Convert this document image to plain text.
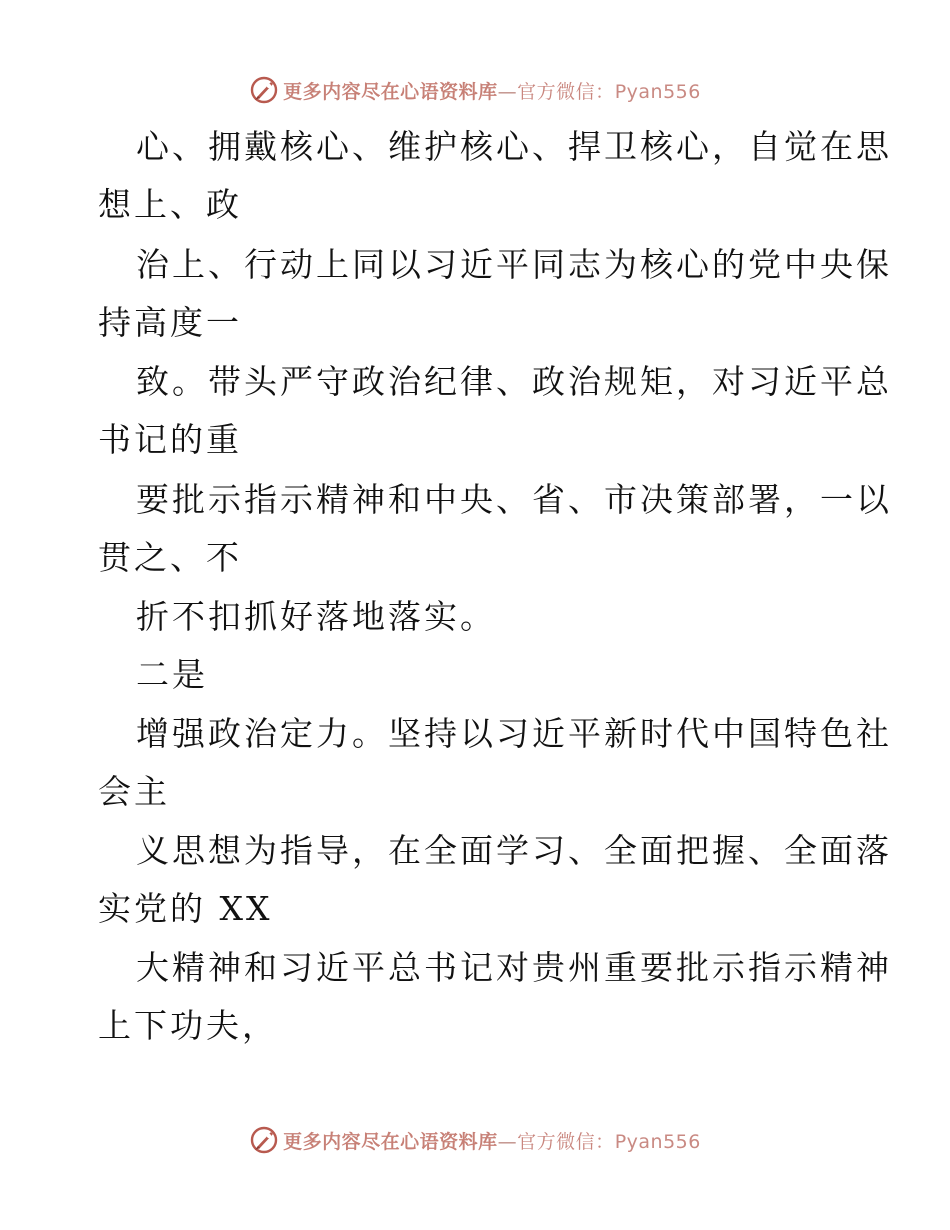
更多内容尽在心语资料库—官方微信：Pyan556
心、拥戴核心、维护核心、捍卫核心，自觉在思
想上、政
治上、行动上同以习近平同志为核心的党中央保
持高度一
致。带头严守政治纪律、政治规矩，对习近平总
书记的重
要批示指示精神和中央、省、市决策部署，一以
贯之、不
折不扣抓好落地落实。
二是
增强政治定力。坚持以习近平新时代中国特色社
会主
义思想为指导，在全面学习、全面把握、全面落
实党的 XX
大精神和习近平总书记对贵州重要批示指示精神
上下功夫，
更多内容尽在心语资料库—官方微信：Pyan556
